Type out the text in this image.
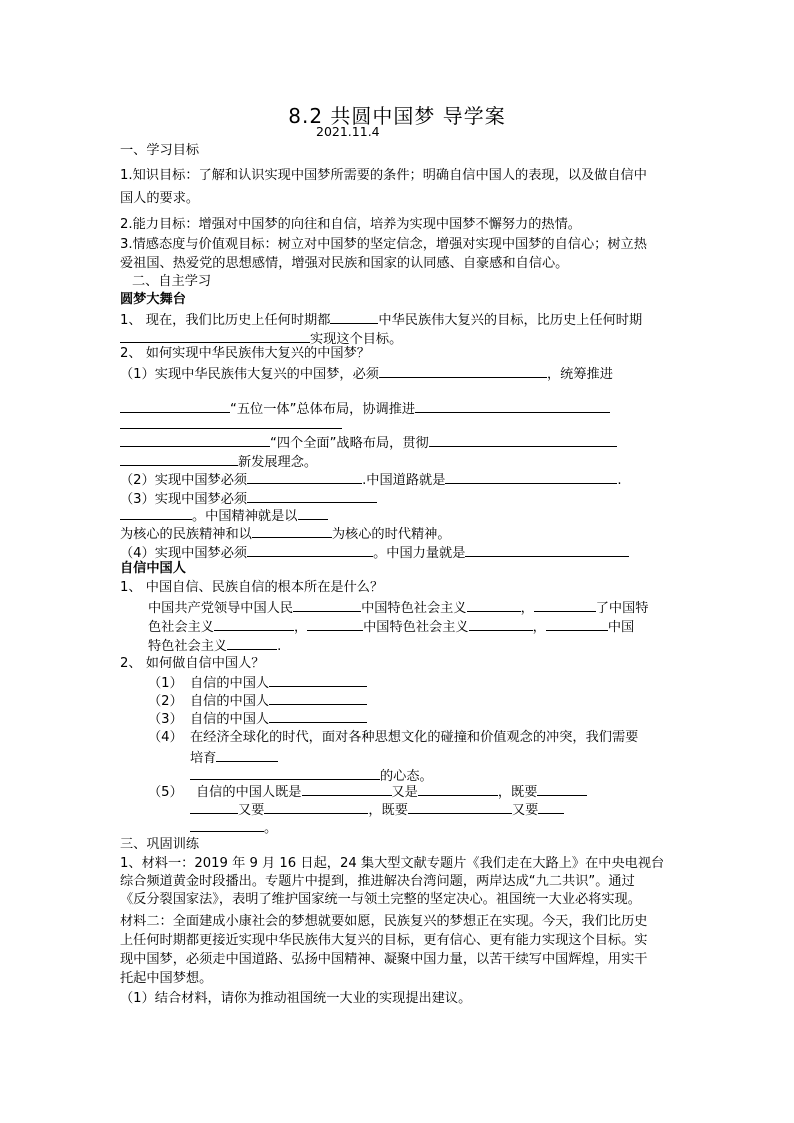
8.2 共圆中国梦 导学案
2021.11.4
一、学习目标
1.知识目标：了解和认识实现中国梦所需要的条件；明确自信中国人的表现，以及做自信中
国人的要求。
2.能力目标：增强对中国梦的向往和自信，培养为实现中国梦不懈努力的热情。
3.情感态度与价值观目标：树立对中国梦的坚定信念，增强对实现中国梦的自信心；树立热
爱祖国、热爱党的思想感情，增强对民族和国家的认同感、自豪感和自信心。
二、自主学习
圆梦大舞台
1、 现在，我们比历史上任何时期都	中华民族伟大复兴的目标，比历史上任何时期
实现这个目标。
2、 如何实现中华民族伟大复兴的中国梦？
（1）实现中华民族伟大复兴的中国梦，必须	，统筹推进
“五位一体”总体布局，协调推进
“四个全面”战略布局，贯彻
新发展理念。
（2）实现中国梦必须	.中国道路就是	.
（3）实现中国梦必须
。中国精神就是以
为核心的民族精神和以	为核心的时代精神。
（4）实现中国梦必须	。中国力量就是
自信中国人
1、 中国自信、民族自信的根本所在是什么？
中国共产党领导中国人民	中国特色社会主义	，	了中国特
色社会主义	，	中国特色社会主义	，	中国
特色社会主义	.
2、 如何做自信中国人？
（1） 自信的中国人
（2） 自信的中国人
（3） 自信的中国人
（4） 在经济全球化的时代，面对各种思想文化的碰撞和价值观念的冲突，我们需要
培育
的心态。
（5） 自信的中国人既是	又是	，既要
又要	，既要	又要
。
三、巩固训练
1、材料一：2019 年 9 月 16 日起，24 集大型文献专题片《我们走在大路上》在中央电视台
综合频道黄金时段播出。专题片中提到，推进解决台湾问题，两岸达成“九二共识”。通过
《反分裂国家法》，表明了维护国家统一与领土完整的坚定决心。祖国统一大业必将实现。
材料二：全面建成小康社会的梦想就要如愿，民族复兴的梦想正在实现。今天，我们比历史
上任何时期都更接近实现中华民族伟大复兴的目标，更有信心、更有能力实现这个目标。实
现中国梦，必须走中国道路、弘扬中国精神、凝聚中国力量，以苦干续写中国辉煌，用实干
托起中国梦想。
（1）结合材料，请你为推动祖国统一大业的实现提出建议。
